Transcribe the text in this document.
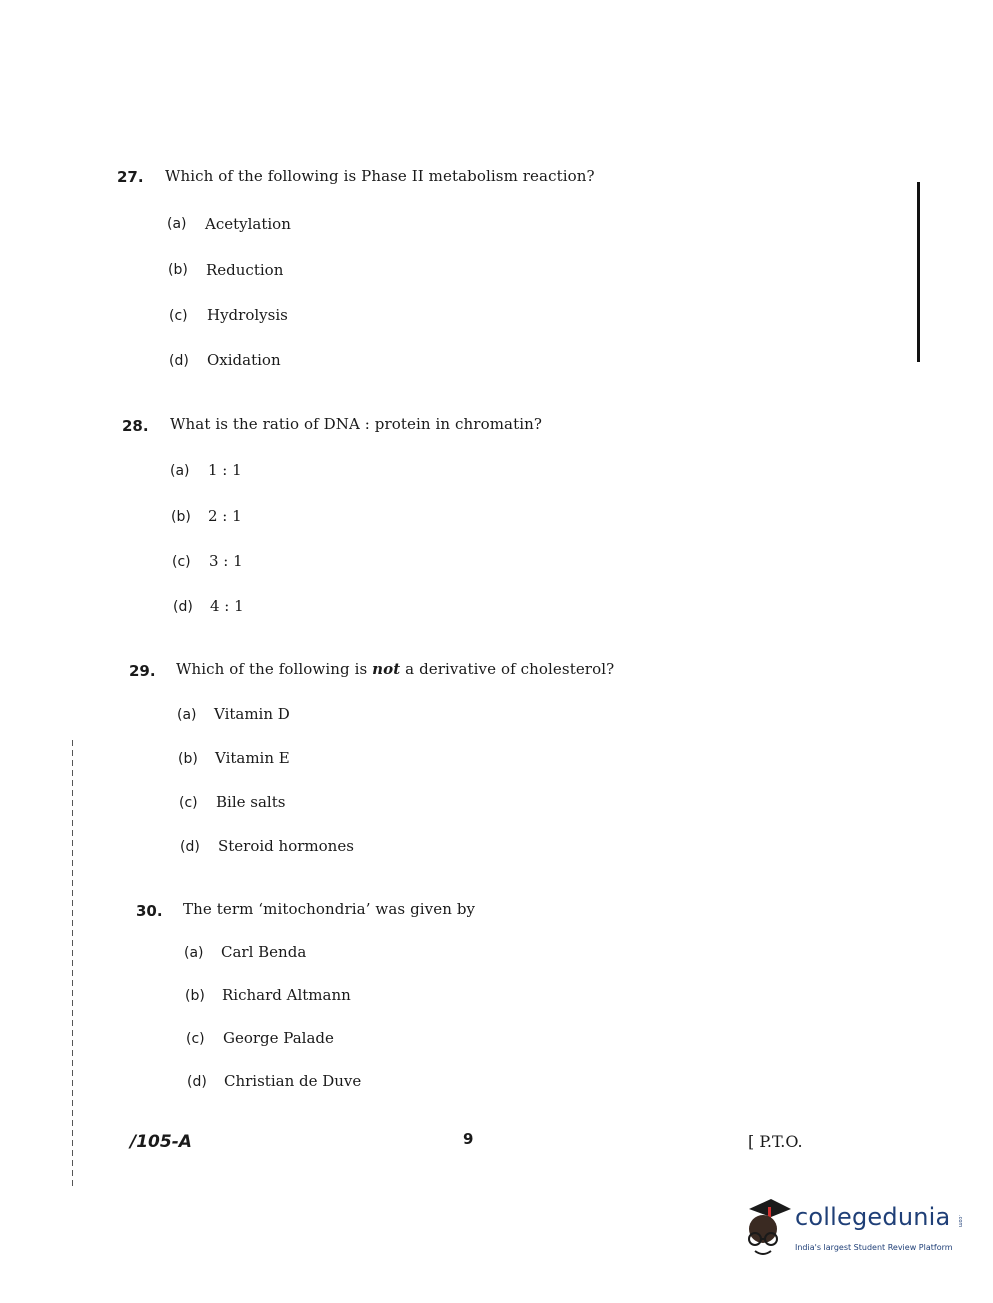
27. Which of the following is Phase II metabolism reaction?
(a) Acetylation
(b) Reduction
(c) Hydrolysis
(d) Oxidation
28. What is the ratio of DNA : protein in chromatin?
(a) 1 : 1
(b) 2 : 1
(c) 3 : 1
(d) 4 : 1
29. Which of the following is not a derivative of cholesterol?
(a) Vitamin D
(b) Vitamin E
(c) Bile salts
(d) Steroid hormones
30. The term ‘mitochondria’ was given by
(a) Carl Benda
(b) Richard Altmann
(c) George Palade
(d) Christian de Duve
/105-A	9	[ P.T.O.
collegedunia .com
India's largest Student Review Platform
